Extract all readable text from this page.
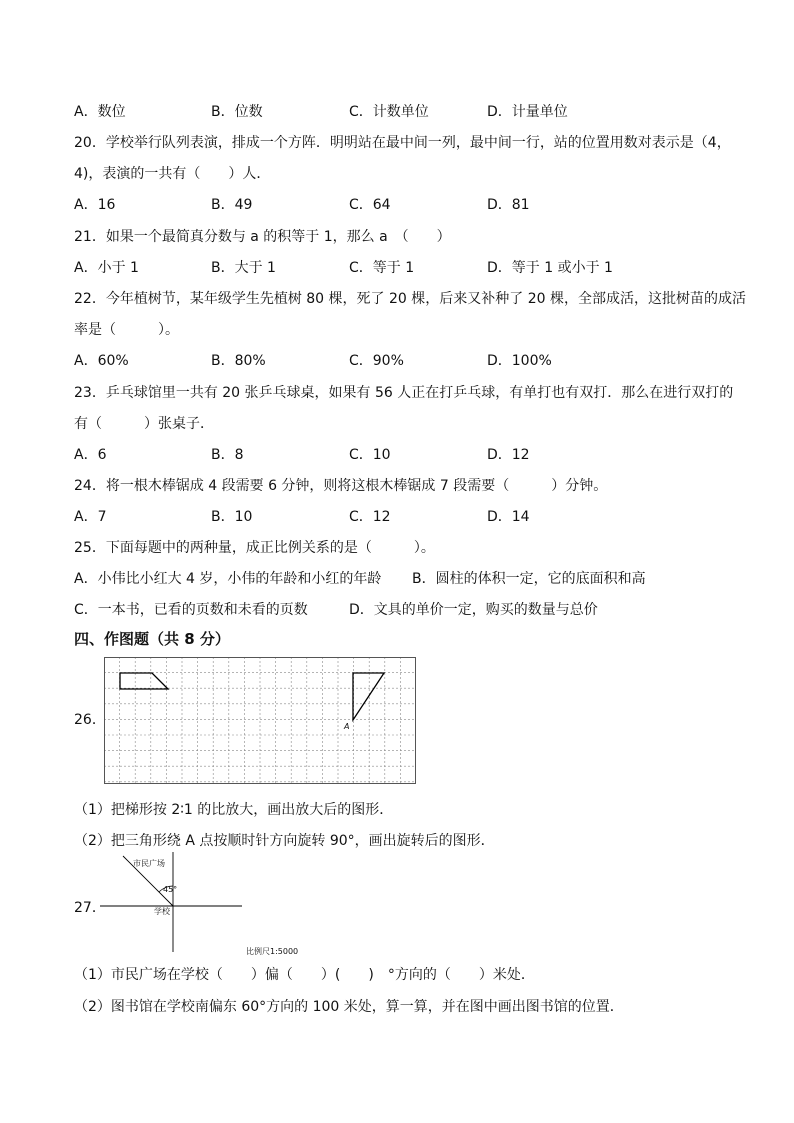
A．数位	B．位数	C．计数单位	D．计量单位
20．学校举行队列表演，排成一个方阵．明明站在最中间一列，最中间一行，站的位置用数对表示是（4，
4)，表演的一共有（　　）人．
A．16	B．49	C．64	D．81
21．如果一个最简真分数与 a 的积等于 1，那么 a　（　　）
A．小于 1	B．大于 1	C．等于 1	D．等于 1 或小于 1
22．今年植树节，某年级学生先植树 80 棵，死了 20 棵，后来又补种了 20 棵，全部成活，这批树苗的成活
率是（　　　）。
A．60%	B．80%	C．90%	D．100%
23．乒乓球馆里一共有 20 张乒乓球桌，如果有 56 人正在打乒乓球，有单打也有双打．那么在进行双打的
有（　　　）张桌子．
A．6	B．8	C．10	D．12
24．将一根木棒锯成 4 段需要 6 分钟，则将这根木棒锯成 7 段需要（　　　）分钟。
A．7	B．10	C．12	D．14
25．下面每题中的两种量，成正比例关系的是（　　　）。
A．小伟比小红大 4 岁，小伟的年龄和小红的年龄 B．圆柱的体积一定，它的底面积和高
C．一本书，已看的页数和未看的页数	D．文具的单价一定，购买的数量与总价
四、作图题（共 8 分）
26．	A
（1）把梯形按 2∶1 的比放大，画出放大后的图形．
（2）把三角形绕 A 点按顺时针方向旋转 90°，画出旋转后的图形．
27．
市民广场
45°
学校
比例尺1:5000
（1）市民广场在学校（　　）偏（　　）(　　)　°方向的（　　）米处．
（2）图书馆在学校南偏东 60°方向的 100 米处，算一算，并在图中画出图书馆的位置．
